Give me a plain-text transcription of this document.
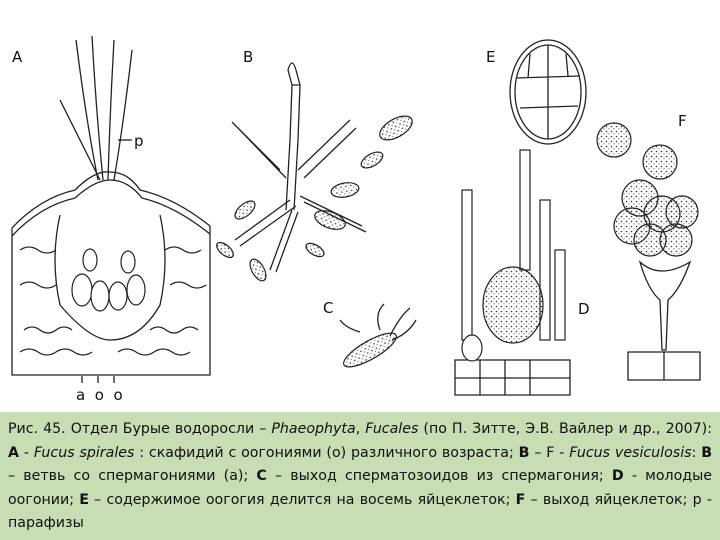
A	B
C	D
E
F
p
a  o  o
Рис. 45. Отдел Бурые водоросли – Phaeophyta, Fucales (по П. Зитте, Э.В. Вайлер и др., 2007): А - Fucus spirales : скафидий с оогониями (о) различного возраста; В – F - Fucus vesiculosis: В – ветвь со спермагониями (а); С – выход сперматозоидов из спермагония; D - молодые оогонии; Е – содержимое оогогия делится на восемь яйцеклеток; F – выход яйцеклеток; р - парафизы
